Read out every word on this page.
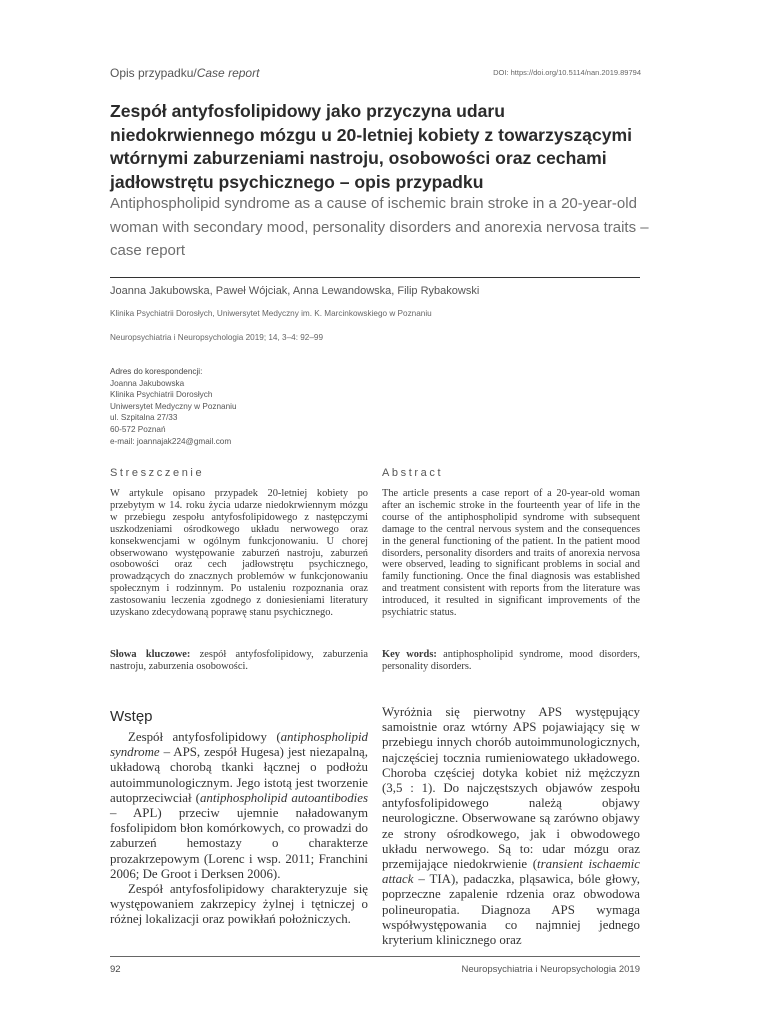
Opis przypadku/Case report	DOI: https://doi.org/10.5114/nan.2019.89794
Zespół antyfosfolipidowy jako przyczyna udaru niedokrwiennego mózgu u 20-letniej kobiety z towarzyszącymi wtórnymi zaburzeniami nastroju, osobowości oraz cechami jadłowstrętu psychicznego – opis przypadku
Antiphospholipid syndrome as a cause of ischemic brain stroke in a 20-year-old woman with secondary mood, personality disorders and anorexia nervosa traits – case report
Joanna Jakubowska, Paweł Wójciak, Anna Lewandowska, Filip Rybakowski
Klinika Psychiatrii Dorosłych, Uniwersytet Medyczny im. K. Marcinkowskiego w Poznaniu
Neuropsychiatria i Neuropsychologia 2019; 14, 3–4: 92–99
Adres do korespondencji:
Joanna Jakubowska
Klinika Psychiatrii Dorosłych
Uniwersytet Medyczny w Poznaniu
ul. Szpitalna 27/33
60-572 Poznań
e-mail: joannajak224@gmail.com
Streszczenie	Abstract
W artykule opisano przypadek 20-letniej kobiety po przebytym w 14. roku życia udarze niedokrwiennym mózgu w przebiegu zespołu antyfosfolipidowego z następczymi uszkodzeniami ośrodkowego układu nerwowego oraz konsekwencjami w ogólnym funkcjonowaniu. U chorej obserwowano występowanie zaburzeń nastroju, zaburzeń osobowości oraz cech jadłowstrętu psychicznego, prowadzących do znacznych problemów w funkcjonowaniu społecznym i rodzinnym. Po ustaleniu rozpoznania oraz zastosowaniu leczenia zgodnego z doniesieniami literatury uzyskano zdecydowaną poprawę stanu psychicznego.
The article presents a case report of a 20-year-old woman after an ischemic stroke in the fourteenth year of life in the course of the antiphospholipid syndrome with subsequent damage to the central nervous system and the consequences in the general functioning of the patient. In the patient mood disorders, personality disorders and traits of anorexia nervosa were observed, leading to significant problems in social and family functioning. Once the final diagnosis was established and treatment consistent with reports from the literature was introduced, it resulted in significant improvements of the psychiatric status.
Słowa kluczowe: zespół antyfosfolipidowy, zaburzenia nastroju, zaburzenia osobowości.
Key words: antiphospholipid syndrome, mood disorders, personality disorders.
Wstęp

Zespół antyfosfolipidowy (antiphospholipid syndrome – APS, zespół Hugesa) jest niezapalną, układową chorobą tkanki łącznej o podłożu autoimmunologicznym. Jego istotą jest tworzenie autoprzeciwciał (antiphospholipid autoantibodies – APL) przeciw ujemnie naładowanym fosfolipidom błon komórkowych, co prowadzi do zaburzeń hemostazy o charakterze prozakrzepowym (Lorenc i wsp. 2011; Franchini 2006; De Groot i Derksen 2006).

Zespół antyfosfolipidowy charakteryzuje się występowaniem zakrzepicy żylnej i tętniczej o różnej lokalizacji oraz powikłań położniczych.

Wyróżnia się pierwotny APS występujący samoistnie oraz wtórny APS pojawiający się w przebiegu innych chorób autoimmunologicznych, najczęściej tocznia rumieniowatego układowego. Choroba częściej dotyka kobiet niż mężczyzn (3,5 : 1). Do najczęstszych objawów zespołu antyfosfolipidowego należą objawy neurologiczne. Obserwowane są zarówno objawy ze strony ośrodkowego, jak i obwodowego układu nerwowego. Są to: udar mózgu oraz przemijające niedokrwienie (transient ischaemic attack – TIA), padaczka, pląsawica, bóle głowy, poprzeczne zapalenie rdzenia oraz obwodowa polineuropatia. Diagnoza APS wymaga współwystępowania co najmniej jednego kryterium klinicznego oraz

92	Neuropsychiatria i Neuropsychologia 2019
